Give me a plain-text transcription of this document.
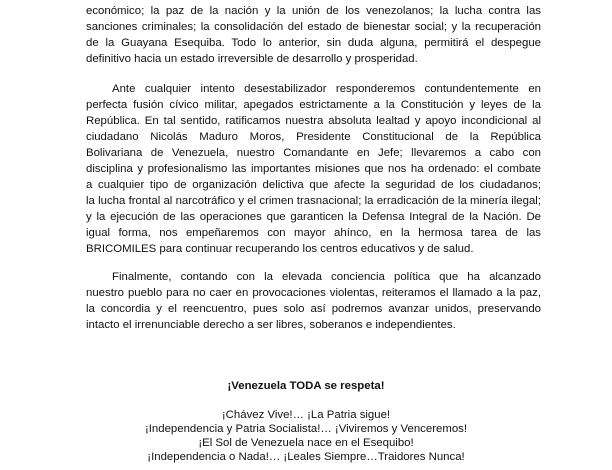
económico; la paz de la nación y la unión de los venezolanos; la lucha contra las
sanciones criminales; la consolidación del estado de bienestar social; y la recuperación
de la Guayana Esequiba. Todo lo anterior, sin duda alguna, permitirá el despegue
definitivo hacia un estado irreversible de desarrollo y prosperidad.
Ante cualquier intento desestabilizador responderemos contundentemente en
perfecta fusión cívico militar, apegados estrictamente a la Constitución y leyes de la
República. En tal sentido, ratificamos nuestra absoluta lealtad y apoyo incondicional al
ciudadano Nicolás Maduro Moros, Presidente Constitucional de la República
Bolivariana de Venezuela, nuestro Comandante en Jefe; llevaremos a cabo con
disciplina y profesionalismo las importantes misiones que nos ha ordenado: el combate
a cualquier tipo de organización delictiva que afecte la seguridad de los ciudadanos;
la lucha frontal al narcotráfico y el crimen trasnacional; la erradicación de la minería ilegal;
y la ejecución de las operaciones que garanticen la Defensa Integral de la Nación. De
igual forma, nos empeñaremos con mayor ahínco, en la hermosa tarea de las
BRICOMILES para continuar recuperando los centros educativos y de salud.
Finalmente, contando con la elevada conciencia política que ha alcanzado
nuestro pueblo para no caer en provocaciones violentas, reiteramos el llamado a la paz,
la concordia y el reencuentro, pues solo así podremos avanzar unidos, preservando
intacto el irrenunciable derecho a ser libres, soberanos e independientes.
¡Venezuela TODA se respeta!
¡Chávez Vive!… ¡La Patria sigue!
¡Independencia y Patria Socialista!… ¡Viviremos y Venceremos!
¡El Sol de Venezuela nace en el Esequibo!
¡Independencia o Nada!… ¡Leales Siempre…Traidores Nunca!
